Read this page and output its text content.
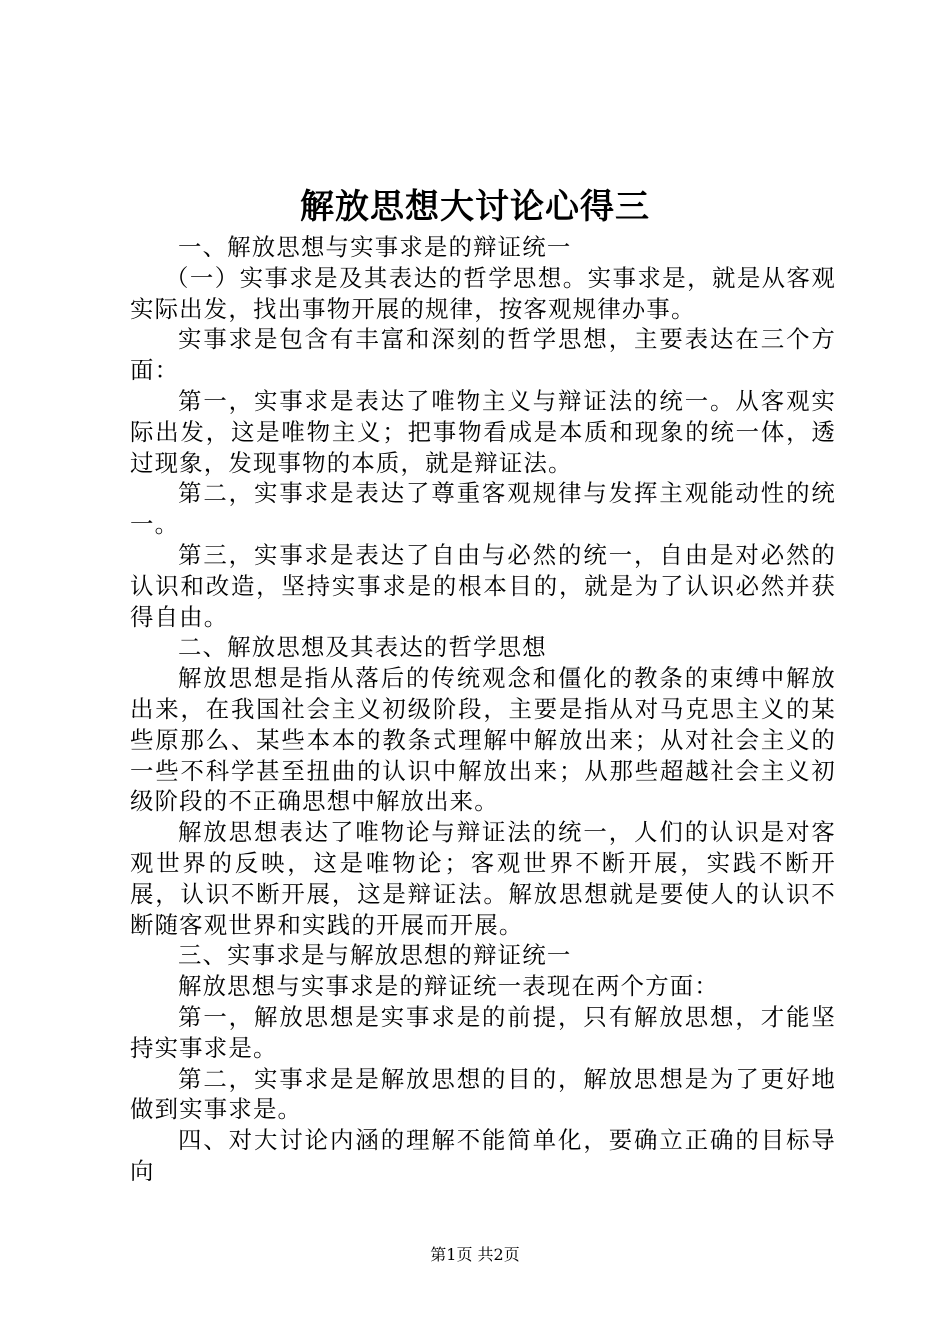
解放思想大讨论心得三

一、解放思想与实事求是的辩证统一

（一）实事求是及其表达的哲学思想。实事求是，就是从客观实际出发，找出事物开展的规律，按客观规律办事。

实事求是包含有丰富和深刻的哲学思想，主要表达在三个方面：

第一，实事求是表达了唯物主义与辩证法的统一。从客观实际出发，这是唯物主义；把事物看成是本质和现象的统一体，透过现象，发现事物的本质，就是辩证法。

第二，实事求是表达了尊重客观规律与发挥主观能动性的统一。

第三，实事求是表达了自由与必然的统一，自由是对必然的认识和改造，坚持实事求是的根本目的，就是为了认识必然并获得自由。

二、解放思想及其表达的哲学思想

解放思想是指从落后的传统观念和僵化的教条的束缚中解放出来，在我国社会主义初级阶段，主要是指从对马克思主义的某些原那么、某些本本的教条式理解中解放出来；从对社会主义的一些不科学甚至扭曲的认识中解放出来；从那些超越社会主义初级阶段的不正确思想中解放出来。

解放思想表达了唯物论与辩证法的统一，人们的认识是对客观世界的反映，这是唯物论；客观世界不断开展，实践不断开展，认识不断开展，这是辩证法。解放思想就是要使人的认识不断随客观世界和实践的开展而开展。

三、实事求是与解放思想的辩证统一

解放思想与实事求是的辩证统一表现在两个方面：

第一，解放思想是实事求是的前提，只有解放思想，才能坚持实事求是。

第二，实事求是是解放思想的目的，解放思想是为了更好地做到实事求是。

四、对大讨论内涵的理解不能简单化，要确立正确的目标导向

第1页 共2页
